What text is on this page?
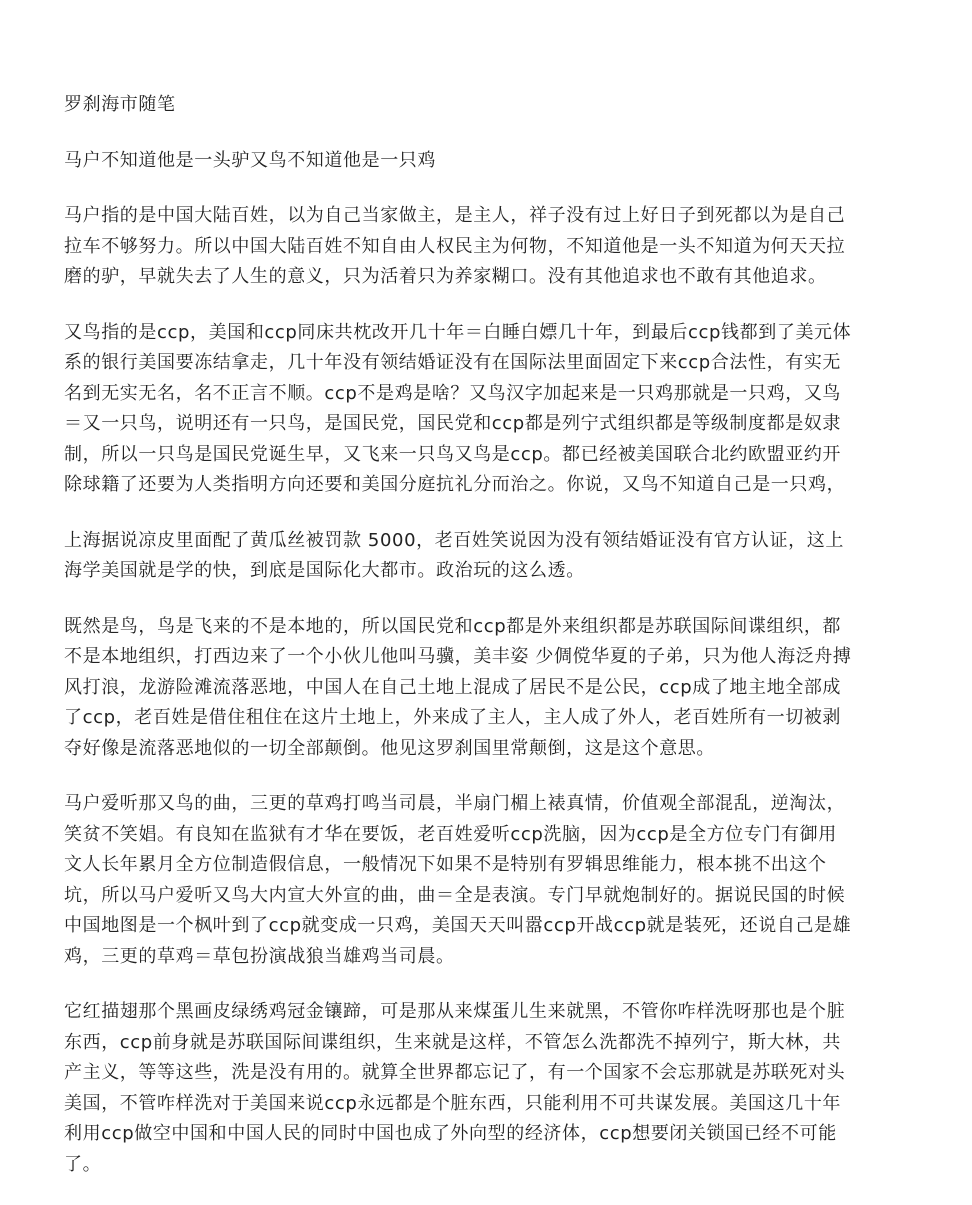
罗刹海市随笔

马户不知道他是一头驴又鸟不知道他是一只鸡

马户指的是中国大陆百姓，以为自己当家做主，是主人，祥子没有过上好日子到死都以为是自己拉车不够努力。所以中国大陆百姓不知自由人权民主为何物，不知道他是一头不知道为何天天拉磨的驴，早就失去了人生的意义，只为活着只为养家糊口。没有其他追求也不敢有其他追求。

又鸟指的是ccp，美国和ccp同床共枕改开几十年＝白睡白嫖几十年，到最后ccp钱都到了美元体系的银行美国要冻结拿走，几十年没有领结婚证没有在国际法里面固定下来ccp合法性，有实无名到无实无名，名不正言不顺。ccp不是鸡是啥？又鸟汉字加起来是一只鸡那就是一只鸡，又鸟＝又一只鸟，说明还有一只鸟，是国民党，国民党和ccp都是列宁式组织都是等级制度都是奴隶制，所以一只鸟是国民党诞生早，又飞来一只鸟又鸟是ccp。都已经被美国联合北约欧盟亚约开除球籍了还要为人类指明方向还要和美国分庭抗礼分而治之。你说，又鸟不知道自己是一只鸡，

上海据说凉皮里面配了黄瓜丝被罚款 5000，老百姓笑说因为没有领结婚证没有官方认证，这上海学美国就是学的快，到底是国际化大都市。政治玩的这么透。

既然是鸟，鸟是飞来的不是本地的，所以国民党和ccp都是外来组织都是苏联国际间谍组织，都不是本地组织，打西边来了一个小伙儿他叫马骥，美丰姿 少倜傥华夏的子弟，只为他人海泛舟搏风打浪，龙游险滩流落恶地，中国人在自己土地上混成了居民不是公民，ccp成了地主地全部成了ccp，老百姓是借住租住在这片土地上，外来成了主人，主人成了外人，老百姓所有一切被剥夺好像是流落恶地似的一切全部颠倒。他见这罗刹国里常颠倒，这是这个意思。

马户爱听那又鸟的曲，三更的草鸡打鸣当司晨，半扇门楣上裱真情，价值观全部混乱，逆淘汰，笑贫不笑娼。有良知在监狱有才华在要饭，老百姓爱听ccp洗脑，因为ccp是全方位专门有御用文人长年累月全方位制造假信息，一般情况下如果不是特别有罗辑思维能力，根本挑不出这个坑，所以马户爱听又鸟大内宣大外宣的曲，曲＝全是表演。专门早就炮制好的。据说民国的时候中国地图是一个枫叶到了ccp就变成一只鸡，美国天天叫嚣ccp开战ccp就是装死，还说自己是雄鸡，三更的草鸡＝草包扮演战狼当雄鸡当司晨。

它红描翅那个黑画皮绿绣鸡冠金镶蹄，可是那从来煤蛋儿生来就黑，不管你咋样洗呀那也是个脏东西，ccp前身就是苏联国际间谍组织，生来就是这样，不管怎么洗都洗不掉列宁，斯大林，共产主义，等等这些，洗是没有用的。就算全世界都忘记了，有一个国家不会忘那就是苏联死对头美国，不管咋样洗对于美国来说ccp永远都是个脏东西，只能利用不可共谋发展。美国这几十年利用ccp做空中国和中国人民的同时中国也成了外向型的经济体，ccp想要闭关锁国已经不可能了。
